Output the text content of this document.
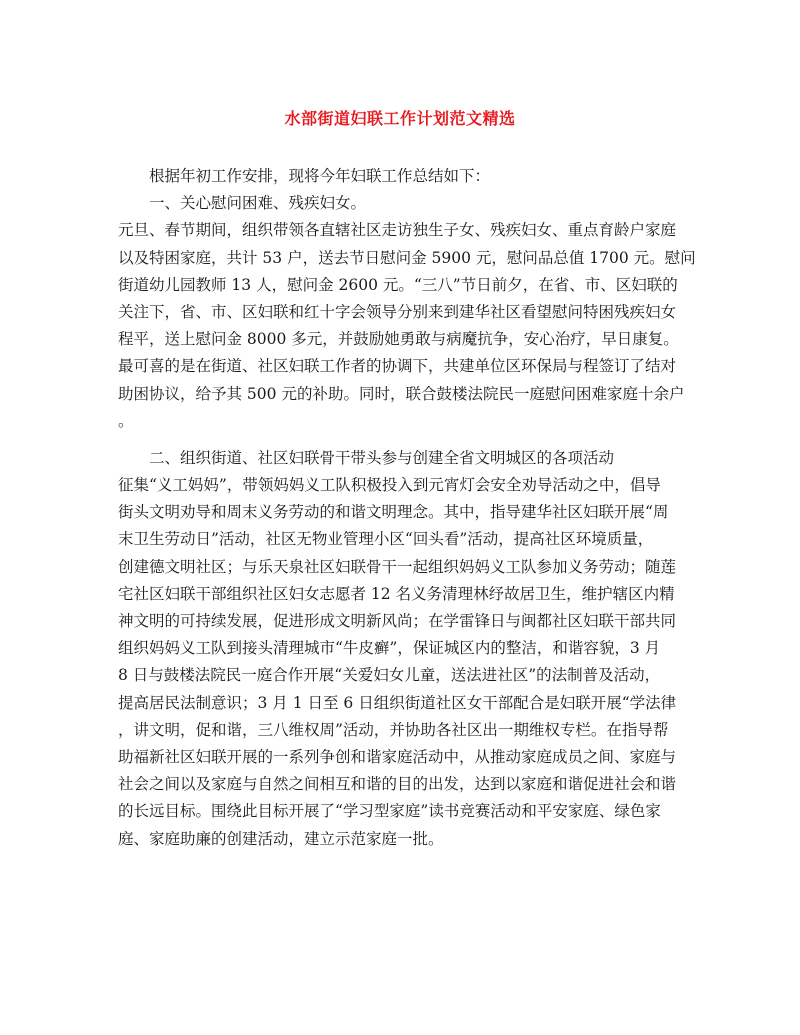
水部街道妇联工作计划范文精选
根据年初工作安排，现将今年妇联工作总结如下：
一、关心慰问困难、残疾妇女。
元旦、春节期间，组织带领各直辖社区走访独生子女、残疾妇女、重点育龄户家庭
以及特困家庭，共计 53 户，送去节日慰问金 5900 元，慰问品总值 1700 元。慰问
街道幼儿园教师 13 人，慰问金 2600 元。“三八”节日前夕，在省、市、区妇联的
关注下，省、市、区妇联和红十字会领导分别来到建华社区看望慰问特困残疾妇女
程平，送上慰问金 8000 多元，并鼓励她勇敢与病魔抗争，安心治疗，早日康复。
最可喜的是在街道、社区妇联工作者的协调下，共建单位区环保局与程签订了结对
助困协议，给予其 500 元的补助。同时，联合鼓楼法院民一庭慰问困难家庭十余户
。
二、组织街道、社区妇联骨干带头参与创建全省文明城区的各项活动
征集“义工妈妈”，带领妈妈义工队积极投入到元宵灯会安全劝导活动之中，倡导
街头文明劝导和周末义务劳动的和谐文明理念。其中，指导建华社区妇联开展“周
末卫生劳动日”活动，社区无物业管理小区“回头看”活动，提高社区环境质量，
创建德文明社区；与乐天泉社区妇联骨干一起组织妈妈义工队参加义务劳动；随莲
宅社区妇联干部组织社区妇女志愿者 12 名义务清理林纾故居卫生，维护辖区内精
神文明的可持续发展，促进形成文明新风尚；在学雷锋日与闽都社区妇联干部共同
组织妈妈义工队到接头清理城市“牛皮癣”，保证城区内的整洁，和谐容貌，3 月
8 日与鼓楼法院民一庭合作开展“关爱妇女儿童，送法进社区”的法制普及活动，
提高居民法制意识；3 月 1 日至 6 日组织街道社区女干部配合是妇联开展“学法律
，讲文明，促和谐，三八维权周”活动，并协助各社区出一期维权专栏。在指导帮
助福新社区妇联开展的一系列争创和谐家庭活动中，从推动家庭成员之间、家庭与
社会之间以及家庭与自然之间相互和谐的目的出发，达到以家庭和谐促进社会和谐
的长远目标。围绕此目标开展了“学习型家庭”读书竞赛活动和平安家庭、绿色家
庭、家庭助廉的创建活动，建立示范家庭一批。
